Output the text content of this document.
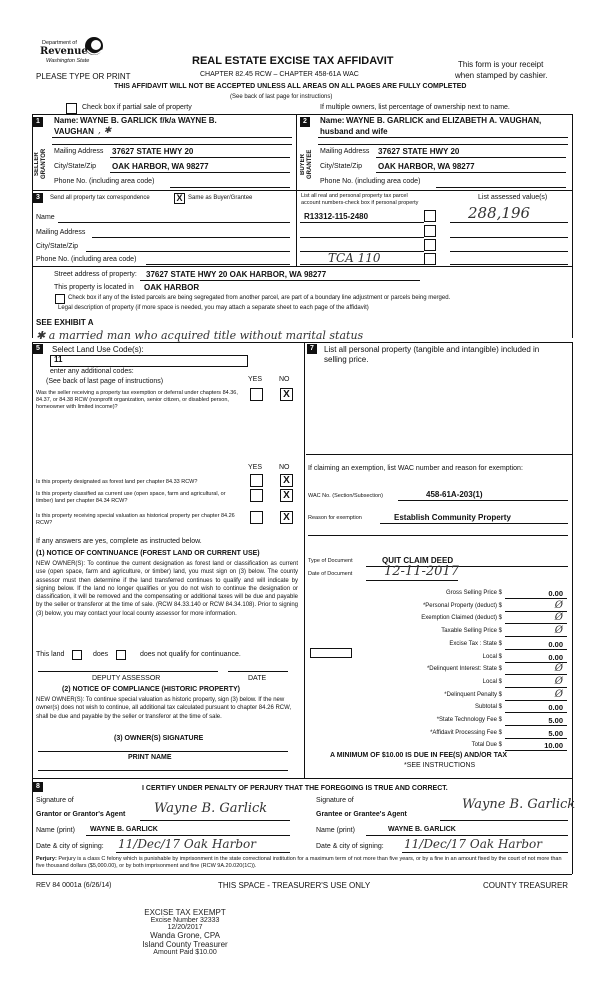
Department of
Revenue
Washington State	REAL ESTATE EXCISE TAX AFFIDAVIT
PLEASE TYPE OR PRINT	CHAPTER 82.45 RCW – CHAPTER 458-61A WAC
This form is your receipt
when stamped by cashier.
THIS AFFIDAVIT WILL NOT BE ACCEPTED UNLESS ALL AREAS ON ALL PAGES ARE FULLY COMPLETED
(See back of last page for instructions)
Check box if partial sale of property	If multiple owners, list percentage of ownership next to name.
1
SELLER GRANTOR
Name: WAYNE B. GARLICK f/k/a WAYNE B.
VAUGHAN , ✱
Mailing Address 37627 STATE HWY 20
City/State/Zip OAK HARBOR, WA 98277
Phone No. (including area code)
2
BUYER GRANTEE
Name: WAYNE B. GARLICK and ELIZABETH A. VAUGHAN,
husband and wife
Mailing Address 37627 STATE HWY 20
City/State/Zip OAK HARBOR, WA 98277
Phone No. (including area code)
3	Send all property tax correspondence	X Same as Buyer/Grantee
Name
Mailing Address
City/State/Zip
Phone No. (including area code)
List all real and personal property tax parcel
account numbers-check box if personal property
List assessed value(s)
R13312-115-2480	288,196
TCA 110
Street address of property: 37627 STATE HWY 20 OAK HARBOR, WA 98277
This property is located in OAK HARBOR
Check box if any of the listed parcels are being segregated from another parcel, are part of a boundary line adjustment or parcels being merged.
Legal description of property (if more space is needed, you may attach a separate sheet to each page of the affidavit)
SEE EXHIBIT A
✱ a married man who acquired title without marital status
5	Select Land Use Code(s):
11
enter any additional codes:
(See back of last page of instructions)	YES NO
Was the seller receiving a property tax exemption or deferral under chapters 84.36, 84.37, or 84.38 RCW (nonprofit organization, senior citizen, or disabled person, homeowner with limited income)?
X
YES NO
Is this property designated as forest land per chapter 84.33 RCW?	X
Is this property classified as current use (open space, farm and agricultural, or timber) land per chapter 84.34 RCW?	X
Is this property receiving special valuation as historical property per chapter 84.26 RCW?	X
If any answers are yes, complete as instructed below.
(1) NOTICE OF CONTINUANCE (FOREST LAND OR CURRENT USE)
NEW OWNER(S): To continue the current designation as forest land or classification as current use (open space, farm and agriculture, or timber) land, you must sign on (3) below. The county assessor must then determine if the land transferred continues to qualify and will indicate by signing below. If the land no longer qualifies or you do not wish to continue the designation or classification, it will be removed and the compensating or additional taxes will be due and payable by the seller or transferor at the time of sale. (RCW 84.33.140 or RCW 84.34.108). Prior to signing (3) below, you may contact your local county assessor for more information.
This land	does	does not qualify for continuance.
DEPUTY ASSESSOR	DATE
(2) NOTICE OF COMPLIANCE (HISTORIC PROPERTY)
NEW OWNER(S): To continue special valuation as historic property, sign (3) below. If the new owner(s) does not wish to continue, all additional tax calculated pursuant to chapter 84.26 RCW, shall be due and payable by the seller or transferor at the time of sale.
(3) OWNER(S) SIGNATURE
PRINT NAME
7	List all personal property (tangible and intangible) included in selling price.
If claiming an exemption, list WAC number and reason for exemption:
WAC No. (Section/Subsection)	458-61A-203(1)
Reason for exemption	Establish Community Property
Type of Document	QUIT CLAIM DEED
Date of Document 12-11-2017
Gross Selling Price $	0.00
*Personal Property (deduct) $	Ø
Exemption Claimed (deduct) $	Ø
Taxable Selling Price $	Ø
Excise Tax : State $	0.00
Local $	0.00
*Delinquent Interest: State $	Ø
Local $	Ø
*Delinquent Penalty $	Ø
Subtotal $	0.00
*State Technology Fee $	5.00
*Affidavit Processing Fee $	5.00
Total Due $	10.00
A MINIMUM OF $10.00 IS DUE IN FEE(S) AND/OR TAX
*SEE INSTRUCTIONS
8	I CERTIFY UNDER PENALTY OF PERJURY THAT THE FOREGOING IS TRUE AND CORRECT.
Signature of
Grantor or Grantor's Agent Wayne B. Garlick
Name (print) WAYNE B. GARLICK
Date & city of signing: 11/Dec/17 Oak Harbor
Signature of
Grantee or Grantee's Agent
Wayne B. Garlick
Name (print)	WAYNE B. GARLICK
Date & city of signing: 11/Dec/17 Oak Harbor
Perjury: Perjury is a class C felony which is punishable by imprisonment in the state correctional institution for a maximum term of not more than five years, or by a fine in an amount fixed by the court of not more than five thousand dollars ($5,000.00), or by both imprisonment and fine (RCW 9A.20.020(1C)).
REV 84 0001a (6/26/14)	THIS SPACE - TREASURER'S USE ONLY	COUNTY TREASURER
EXCISE TAX EXEMPT
Excise Number 32333
12/20/2017
Wanda Grone, CPA
Island County Treasurer
Amount Paid $10.00
